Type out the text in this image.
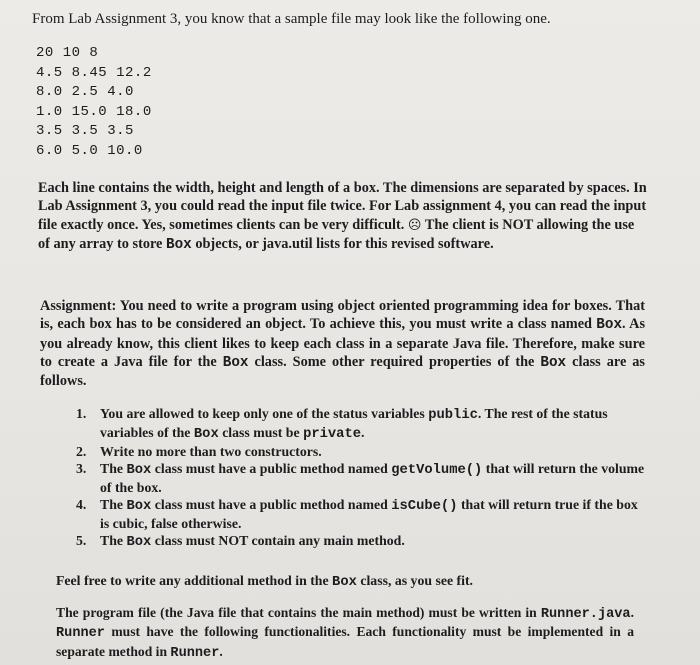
From Lab Assignment 3, you know that a sample file may look like the following one.

20 10 8
4.5 8.45 12.2
8.0 2.5 4.0
1.0 15.0 18.0
3.5 3.5 3.5
6.0 5.0 10.0

Each line contains the width, height and length of a box. The dimensions are separated by spaces. In Lab Assignment 3, you could read the input file twice. For Lab assignment 4, you can read the input file exactly once. Yes, sometimes clients can be very difficult. ☹ The client is NOT allowing the use of any array to store Box objects, or java.util lists for this revised software.

Assignment: You need to write a program using object oriented programming idea for boxes. That is, each box has to be considered an object. To achieve this, you must write a class named Box. As you already know, this client likes to keep each class in a separate Java file. Therefore, make sure to create a Java file for the Box class. Some other required properties of the Box class are as follows.

1. You are allowed to keep only one of the status variables public. The rest of the status variables of the Box class must be private.
2. Write no more than two constructors.
3. The Box class must have a public method named getVolume() that will return the volume of the box.
4. The Box class must have a public method named isCube() that will return true if the box is cubic, false otherwise.
5. The Box class must NOT contain any main method.

Feel free to write any additional method in the Box class, as you see fit.

The program file (the Java file that contains the main method) must be written in Runner.java. Runner must have the following functionalities. Each functionality must be implemented in a separate method in Runner.
